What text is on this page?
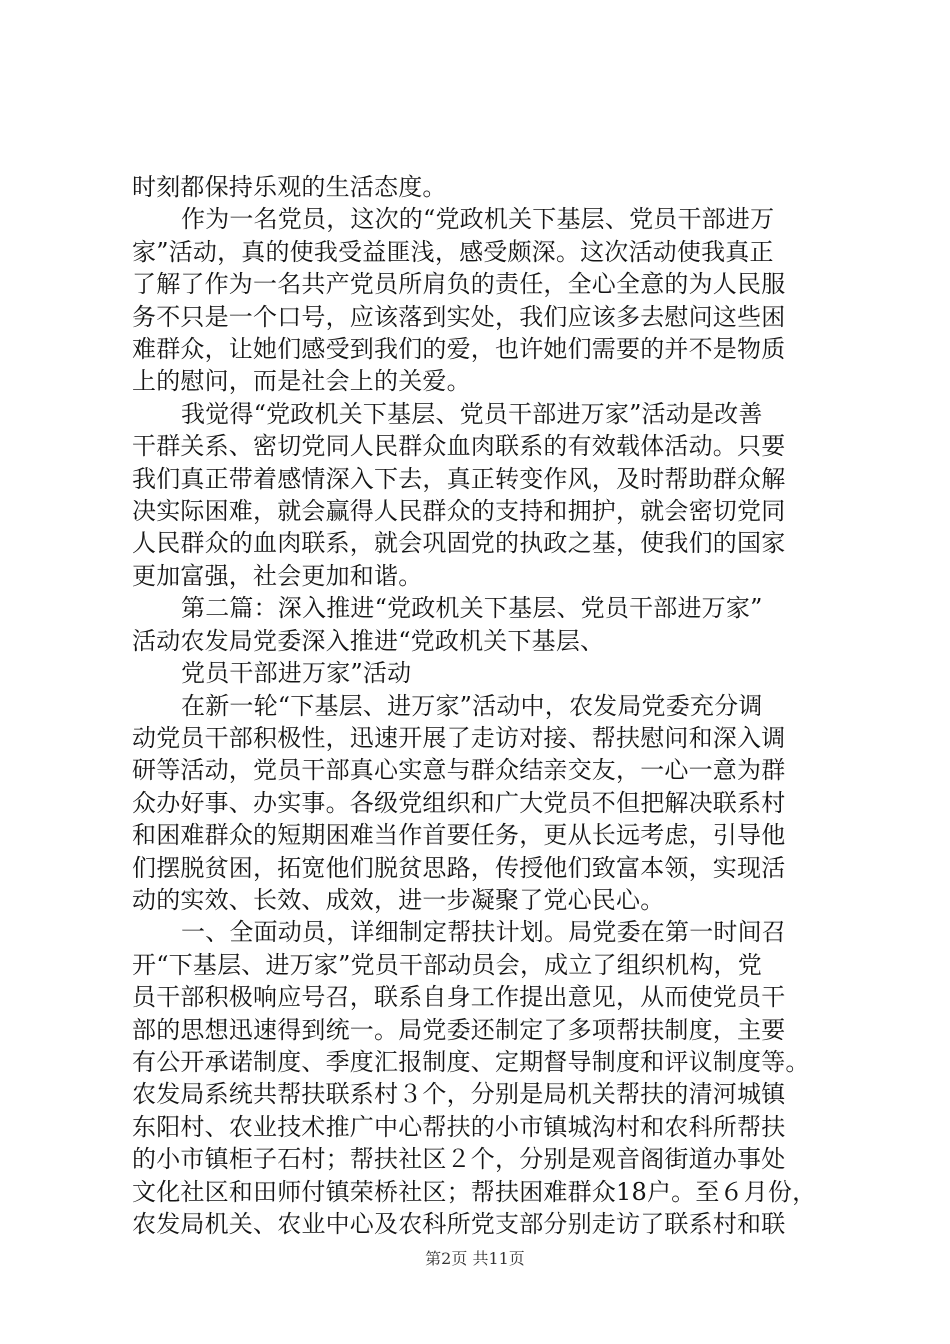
时刻都保持乐观的生活态度。
作为一名党员，这次的“党政机关下基层、党员干部进万
家”活动，真的使我受益匪浅，感受颇深。这次活动使我真正
了解了作为一名共产党员所肩负的责任，全心全意的为人民服
务不只是一个口号，应该落到实处，我们应该多去慰问这些困
难群众，让她们感受到我们的爱，也许她们需要的并不是物质
上的慰问，而是社会上的关爱。
我觉得“党政机关下基层、党员干部进万家”活动是改善
干群关系、密切党同人民群众血肉联系的有效载体活动。只要
我们真正带着感情深入下去，真正转变作风，及时帮助群众解
决实际困难，就会赢得人民群众的支持和拥护，就会密切党同
人民群众的血肉联系，就会巩固党的执政之基，使我们的国家
更加富强，社会更加和谐。
第二篇：深入推进“党政机关下基层、党员干部进万家”
活动农发局党委深入推进“党政机关下基层、
党员干部进万家”活动
在新一轮“下基层、进万家”活动中，农发局党委充分调
动党员干部积极性，迅速开展了走访对接、帮扶慰问和深入调
研等活动，党员干部真心实意与群众结亲交友，一心一意为群
众办好事、办实事。各级党组织和广大党员不但把解决联系村
和困难群众的短期困难当作首要任务，更从长远考虑，引导他
们摆脱贫困，拓宽他们脱贫思路，传授他们致富本领，实现活
动的实效、长效、成效，进一步凝聚了党心民心。
一、全面动员，详细制定帮扶计划。局党委在第一时间召
开“下基层、进万家”党员干部动员会，成立了组织机构，党
员干部积极响应号召，联系自身工作提出意见，从而使党员干
部的思想迅速得到统一。局党委还制定了多项帮扶制度，主要
有公开承诺制度、季度汇报制度、定期督导制度和评议制度等。
农发局系统共帮扶联系村３个，分别是局机关帮扶的清河城镇
东阳村、农业技术推广中心帮扶的小市镇城沟村和农科所帮扶
的小市镇柜子石村；帮扶社区２个，分别是观音阁街道办事处
文化社区和田师付镇荣桥社区；帮扶困难群众18户。至６月份，
农发局机关、农业中心及农科所党支部分别走访了联系村和联
第2页 共11页
